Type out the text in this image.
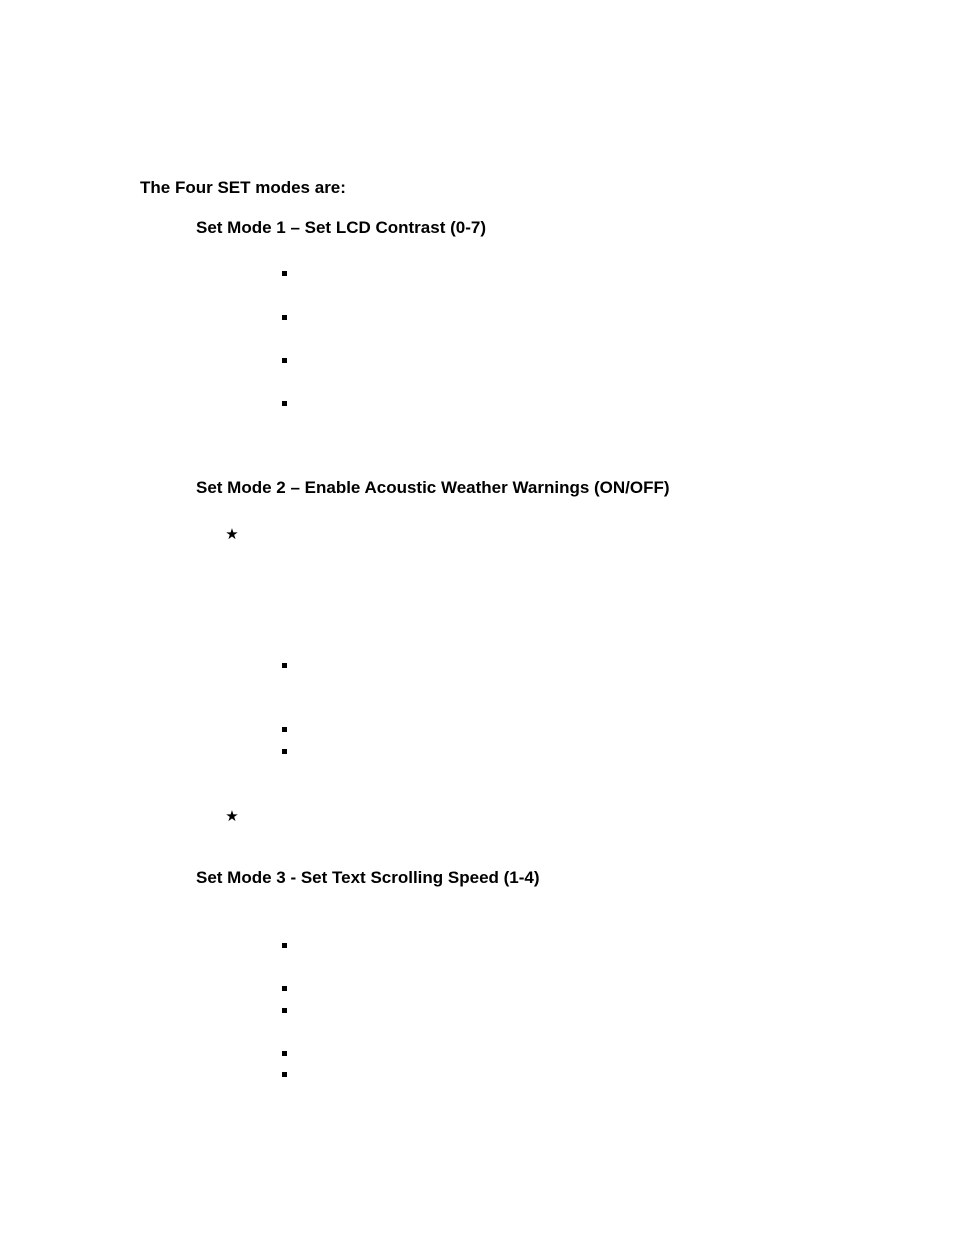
The Four SET modes are:
Set Mode 1 – Set LCD Contrast (0-7)
Set Mode 2 – Enable Acoustic Weather Warnings (ON/OFF)
★
★
Set Mode 3 - Set Text Scrolling Speed (1-4)
